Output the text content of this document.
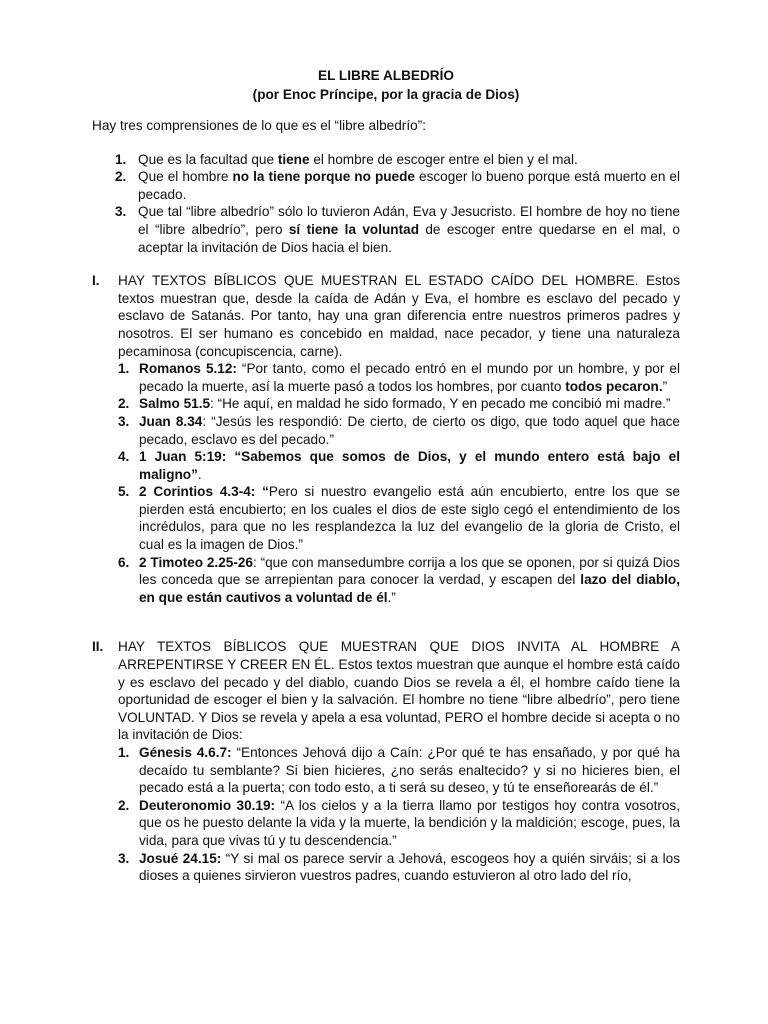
EL LIBRE ALBEDRÍO
(por Enoc Príncipe, por la gracia de Dios)

Hay tres comprensiones de lo que es el “libre albedrío”:

1. Que es la facultad que tiene el hombre de escoger entre el bien y el mal.
2. Que el hombre no la tiene porque no puede escoger lo bueno porque está muerto en el pecado.
3. Que tal “libre albedrío” sólo lo tuvieron Adán, Eva y Jesucristo. El hombre de hoy no tiene el “libre albedrío”, pero sí tiene la voluntad de escoger entre quedarse en el mal, o aceptar la invitación de Dios hacia el bien.
I. HAY TEXTOS BÍBLICOS QUE MUESTRAN EL ESTADO CAÍDO DEL HOMBRE. Estos textos muestran que, desde la caída de Adán y Eva, el hombre es esclavo del pecado y esclavo de Satanás. Por tanto, hay una gran diferencia entre nuestros primeros padres y nosotros. El ser humano es concebido en maldad, nace pecador, y tiene una naturaleza pecaminosa (concupiscencia, carne).

1. Romanos 5.12: “Por tanto, como el pecado entró en el mundo por un hombre, y por el pecado la muerte, así la muerte pasó a todos los hombres, por cuanto todos pecaron.”
2. Salmo 51.5: “He aquí, en maldad he sido formado, Y en pecado me concibió mi madre.”
3. Juan 8.34: “Jesús les respondió: De cierto, de cierto os digo, que todo aquel que hace pecado, esclavo es del pecado.”
4. 1 Juan 5:19: “Sabemos que somos de Dios, y el mundo entero está bajo el maligno”.
5. 2 Corintios 4.3-4: “Pero si nuestro evangelio está aún encubierto, entre los que se pierden está encubierto; en los cuales el dios de este siglo cegó el entendimiento de los incrédulos, para que no les resplandezca la luz del evangelio de la gloria de Cristo, el cual es la imagen de Dios.”
6. 2 Timoteo 2.25-26: “que con mansedumbre corrija a los que se oponen, por si quizá Dios les conceda que se arrepientan para conocer la verdad, y escapen del lazo del diablo, en que están cautivos a voluntad de él.”
II. HAY TEXTOS BÍBLICOS QUE MUESTRAN QUE DIOS INVITA AL HOMBRE A ARREPENTIRSE Y CREER EN ÉL. Estos textos muestran que aunque el hombre está caído y es esclavo del pecado y del diablo, cuando Dios se revela a él, el hombre caído tiene la oportunidad de escoger el bien y la salvación. El hombre no tiene “libre albedrío”, pero tiene VOLUNTAD. Y Dios se revela y apela a esa voluntad, PERO el hombre decide si acepta o no la invitación de Dios:

1. Génesis 4.6.7: “Entonces Jehová dijo a Caín: ¿Por qué te has ensañado, y por qué ha decaído tu semblante? Si bien hicieres, ¿no serás enaltecido? y si no hicieres bien, el pecado está a la puerta; con todo esto, a ti será su deseo, y tú te enseñorearás de él.”
2. Deuteronomio 30.19: “A los cielos y a la tierra llamo por testigos hoy contra vosotros, que os he puesto delante la vida y la muerte, la bendición y la maldición; escoge, pues, la vida, para que vivas tú y tu descendencia.”
3. Josué 24.15: “Y si mal os parece servir a Jehová, escogeos hoy a quién sirváis; si a los dioses a quienes sirvieron vuestros padres, cuando estuvieron al otro lado del río,
